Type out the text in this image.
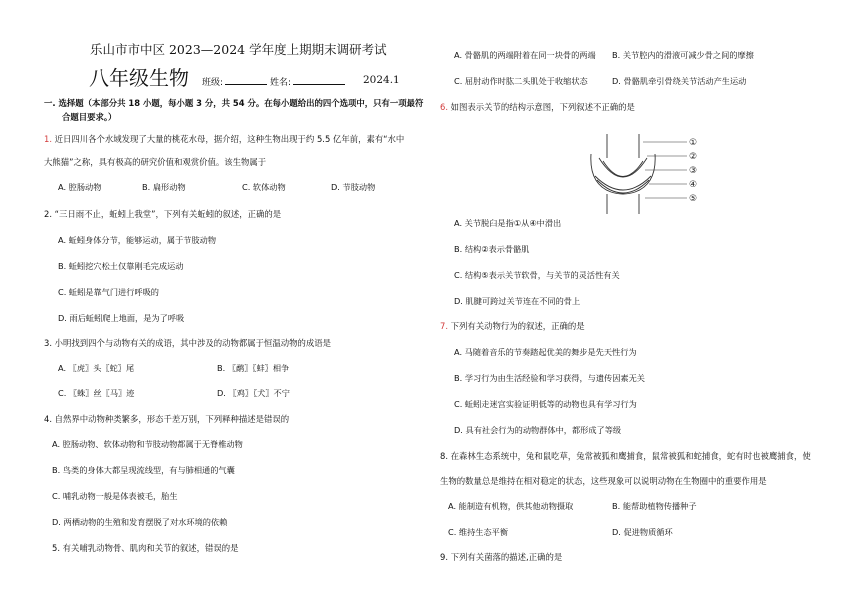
乐山市市中区 2023—2024 学年度上期期末调研考试
八年级生物 班级:	姓名:	2024.1
一. 选择题（本部分共 18 小题，每小题 3 分，共 54 分。在每小题给出的四个选项中，只有一项最符
合题目要求。）
1. 近日四川各个水域发现了大量的桃花水母，据介绍，这种生物出现于约 5.5 亿年前，素有“水中
大熊猫”之称，具有极高的研究价值和观赏价值。该生物属于
A. 腔肠动物	B. 扁形动物	C. 软体动物	D. 节肢动物
2. “三日雨不止，蚯蚓上我堂”，下列有关蚯蚓的叙述，正确的是
A. 蚯蚓身体分节，能够运动，属于节肢动物
B. 蚯蚓挖穴松土仅靠刚毛完成运动
C. 蚯蚓是靠气门进行呼吸的
D. 雨后蚯蚓爬上地面，是为了呼吸
3. 小明找到四个与动物有关的成语，其中涉及的动物都属于恒温动物的成语是
A. 〖虎〗头〖蛇〗尾	B. 〖鹬〗〖蚌〗相争
C. 〖蛛〗丝〖马〗迹	D. 〖鸡〗〖犬〗不宁
4. 自然界中动物种类繁多，形态千差万别，下列释种描述是错误的
A. 腔肠动物、软体动物和节肢动物都属于无脊椎动物
B. 鸟类的身体大都呈现流线型，有与肺相通的气囊
C. 哺乳动物一般是体表被毛，胎生
D. 两栖动物的生殖和发育摆脱了对水环境的依赖
5. 有关哺乳动物骨、肌肉和关节的叙述，错误的是
A. 骨骼肌的两端附着在同一块骨的两端 B. 关节腔内的滑液可减少骨之间的摩擦
C. 屈肘动作时肱二头肌处于收缩状态	D. 骨骼肌牵引骨绕关节活动产生运动
6. 如图表示关节的结构示意图，下列叙述不正确的是
①
②
③
④
⑤
A. 关节脱臼是指①从④中滑出
B. 结构②表示骨骼肌
C. 结构⑤表示关节软骨，与关节的灵活性有关
D. 肌腱可跨过关节连在不同的骨上
7. 下列有关动物行为的叙述，正确的是
A. 马随着音乐的节奏踏起优美的舞步是先天性行为
B. 学习行为由生活经验和学习获得，与遗传因素无关
C. 蚯蚓走迷宫实验证明低等的动物也具有学习行为
D. 具有社会行为的动物群体中，都形成了等级
8. 在森林生态系统中，兔和鼠吃草，兔常被狐和鹰捕食，鼠常被狐和蛇捕食，蛇有时也被鹰捕食，使
生物的数量总是维持在相对稳定的状态，这些现象可以说明动物在生物圈中的重要作用是
A. 能制造有机物，供其他动物摄取	B. 能帮助植物传播种子
C. 维持生态平衡	D. 促进物质循环
9. 下列有关菌落的描述,正确的是
